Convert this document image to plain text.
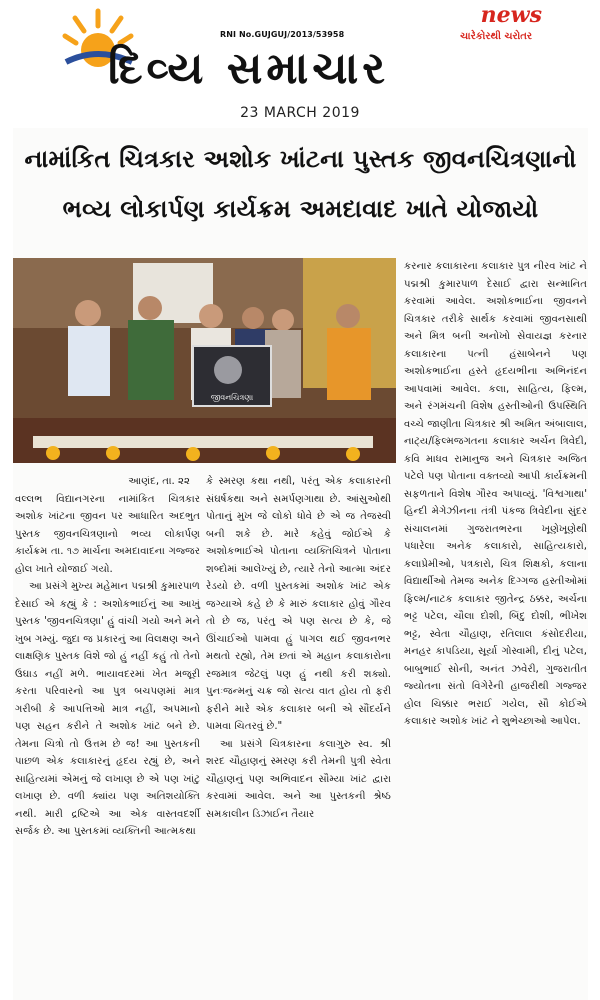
RNI No.GUJGUJ/2013/53958
news
ચારેકોરથી ચરોતર
દિવ્ય સમાચાર
23 MARCH 2019
નામાંકિત ચિત્રકાર અશોક ખાંટના પુસ્તક જીવનચિત્રણાનો
ભવ્ય લોકાર્પણ કાર્યક્રમ અમદાવાદ ખાતે યોજાયો
જીવનચિત્રણા
આણંદ, તા. ૨૨

વલ્લભ વિદ્યાનગરના નામાંકિત ચિત્રકાર અશોક ખાંટના જીવન પર આધારિત અદભુત પુસ્તક જીવનચિત્રણાનો ભવ્ય લોકાર્પણ કાર્યક્રમ તા. ૧૭ માર્ચના અમદાવાદના ગજ્જર હોલ ખાતે યોજાઈ ગયો.

આ પ્રસંગે મુખ્ય મહેમાન પદ્મશ્રી કુમારપાળ દેસાઈ એ કહ્યું કે : અશોકભાઈનું આ આખું પુસ્તક 'જીવનચિત્રણા' હું વાંચી ગયો અને મને ખુબ ગમ્યું. જુદા જ પ્રકારનું આ વિલક્ષણ અને લાક્ષણિક પુસ્તક વિશે જો હું નહીં કહું તો તેનો ઉઘાડ નહીં મળે. ભાયાવદરમાં ખેત મજૂરી કરતા પરિવારનો આ પુત્ર બચપણમાં માત્ર ગરીબી કે આપત્તિઓ માત્ર નહીં, અપમાનો પણ સહન કરીને તે અશોક ખાંટ બને છે. તેમના ચિત્રો તો ઉત્તમ છે જ! આ પુસ્તકની પાછળ એક કલાકારનું હૃદય રહ્યું છે, અને સાહિત્યમાં એમનું જે લખાણ છે એ પણ ખાંટુ લખાણ છે. વળી ક્યાંય પણ અતિશયોક્તિ નથી. મારી દ્રષ્ટિએ આ એક વાસ્તવદર્શી સર્જક છે. આ પુસ્તકમાં વ્યક્તિની આત્મકથા

કે સ્મરણ કથા નથી, પરંતુ એક કલાકારની સંઘર્ષકથા અને સમર્પણગાથા છે. આંસુઓથી પોતાનું મુખ જે લોકો ધોવે છે એ જ તેજસ્વી બની શકે છે. મારે કહેવું જોઈએ કે અશોકભાઈએ પોતાના વ્યક્તિચિત્રને પોતાના શબ્દોમાં આલેખ્યું છે, ત્યારે તેનો આત્મા અંદર રેડયો છે. વળી પુસ્તકમાં અશોક ખાંટ એક જગ્યાએ કહે છે કે મારું કલાકાર હોવું ગૌરવ તો છે જ, પરંતુ એ પણ સત્ય છે કે, જે ઊંચાઈઓ પામવા હું પાગલ થઈ જીવનભર મથતો રહ્યો, તેમ છતાં એ મહાન કલાકારોના રજમાત્ર જેટલું પણ હું નથી કરી શક્યો. પુનઃજન્મનું ચક્ર જો સત્ય વાત હોય તો ફરી ફરીને મારે એક કલાકાર બની એ સૌંદર્યને પામવા ચિતરવું છે."

આ પ્રસંગે ચિત્રકારના કલાગુરુ સ્વ. શ્રી શરદ ચૌહાણનું સ્મરણ કરી તેમની પુત્રી સ્વેતા ચૌહાણનું પણ અભિવાદન સૌમ્યા ખાંટ દ્વારા કરવામાં આવેલ. અને આ પુસ્તકની શ્રેષ્ઠ સમકાલીન ડિઝાઈન તૈયાર

કરનાર કલાકારના કલાકાર પુત્ર નીરવ ખાંટ ને પદ્મશ્રી કુમારપાળ દેસાઈ દ્વારા સન્માનિત કરવામાં આવેલ. અશોકભાઈના જીવનને ચિત્રકાર તરીકે સાર્થક કરવામાં જીવનસાથી અને મિત્ર બની અનોખો સેવાયજ્ઞ કરનાર કલાકારના પત્ની હંસાબેનને પણ અશોકભાઈના હસ્તે હૃદયભીના અભિનંદન આપવામાં આવેલ. કલા, સાહિત્ય, ફિલ્મ, અને રંગમંચની વિશેષ હસ્તીઓની ઉપસ્થિતિ વચ્ચે જાણીતા ચિત્રકાર શ્રી અમિત અંબાલાલ, નાટ્ય/ફિલ્મજગતના કલાકાર અર્ચન ત્રિવેદી, કવિ માધવ રામાનુજ અને ચિત્રકાર અજિત પટેલે પણ પોતાના વક્તવ્યો આપી કાર્યક્રમની સફળતાને વિશેષ ગૌરવ અપાવ્યું. 'વિશ્વગાથા' હિન્દી મેગેઝીનના તંત્રી પંકજ ત્રિવેદીના સુંદર સંચાલનમાં ગુજરાતભરના ખૂણેખૂણેથી પધારેલા અનેક કલાકારો, સાહિત્યકારો, કલાપ્રેમીઓ, પત્રકારો, ચિત્ર શિક્ષકો, કલાના વિદ્યાર્થીઓ તેમજ અનેક દિગ્ગજ હસ્તીઓમાં ફિલ્મ/નાટક કલાકાર જીતેન્દ્ર ઠક્કર, અર્ચના ભટ્ટ પટેલ, ચૌલા દોશી, બિંદુ દોશી, ભીખેશ ભટ્ટ, સ્વેતા ચૌહાણ, રતિલાલ કંસોદરીયા, મનહર કાપડિયા, સૂર્યા ગોસ્વામી, દીનું પટેલ, બાબુભાઈ સોની, અનંત ઝવેરી, ગુજરાતીત જ્યોતના સંતો વિગેરેની હાજરીથી ગજ્જર હોલ ચિક્કાર ભરાઈ ગયેલ, સૌ કોઈએ કલાકાર અશોક ખાંટ ને શુભેચ્છાઓ આપેલ.
